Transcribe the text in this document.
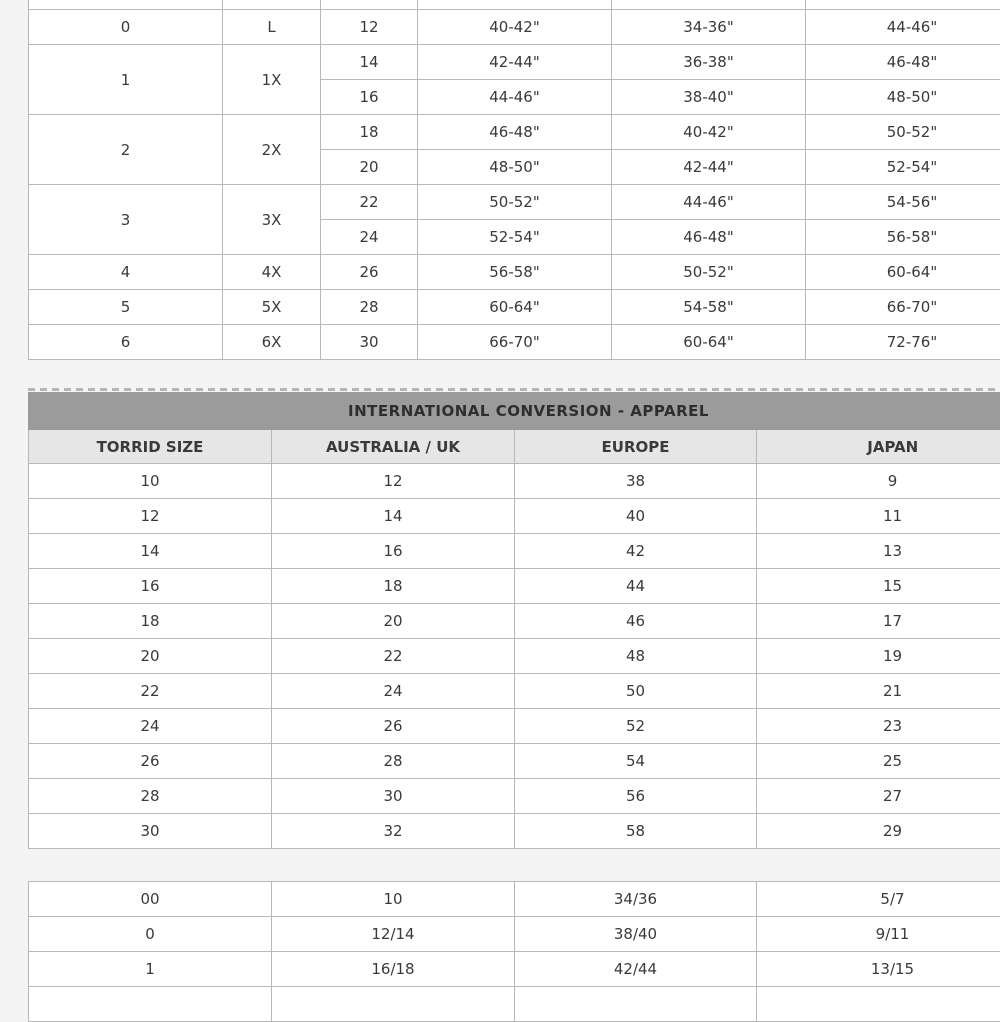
0	L	12	40-42"	34-36"	44-46"
1	1X	14	42-44"	36-38"	46-48"
		16	44-46"	38-40"	48-50"
2	2X	18	46-48"	40-42"	50-52"
		20	48-50"	42-44"	52-54"
3	3X	22	50-52"	44-46"	54-56"
		24	52-54"	46-48"	56-58"
4	4X	26	56-58"	50-52"	60-64"
5	5X	28	60-64"	54-58"	66-70"
6	6X	30	66-70"	60-64"	72-76"
INTERNATIONAL CONVERSION - APPAREL			
TORRID SIZE	AUSTRALIA / UK	EUROPE	JAPAN
10	12	38	9
12	14	40	11
14	16	42	13
16	18	44	15
18	20	46	17
20	22	48	19
22	24	50	21
24	26	52	23
26	28	54	25
28	30	56	27
30	32	58	29
00	10	34/36	5/7
0	12/14	38/40	9/11
1	16/18	42/44	13/15
